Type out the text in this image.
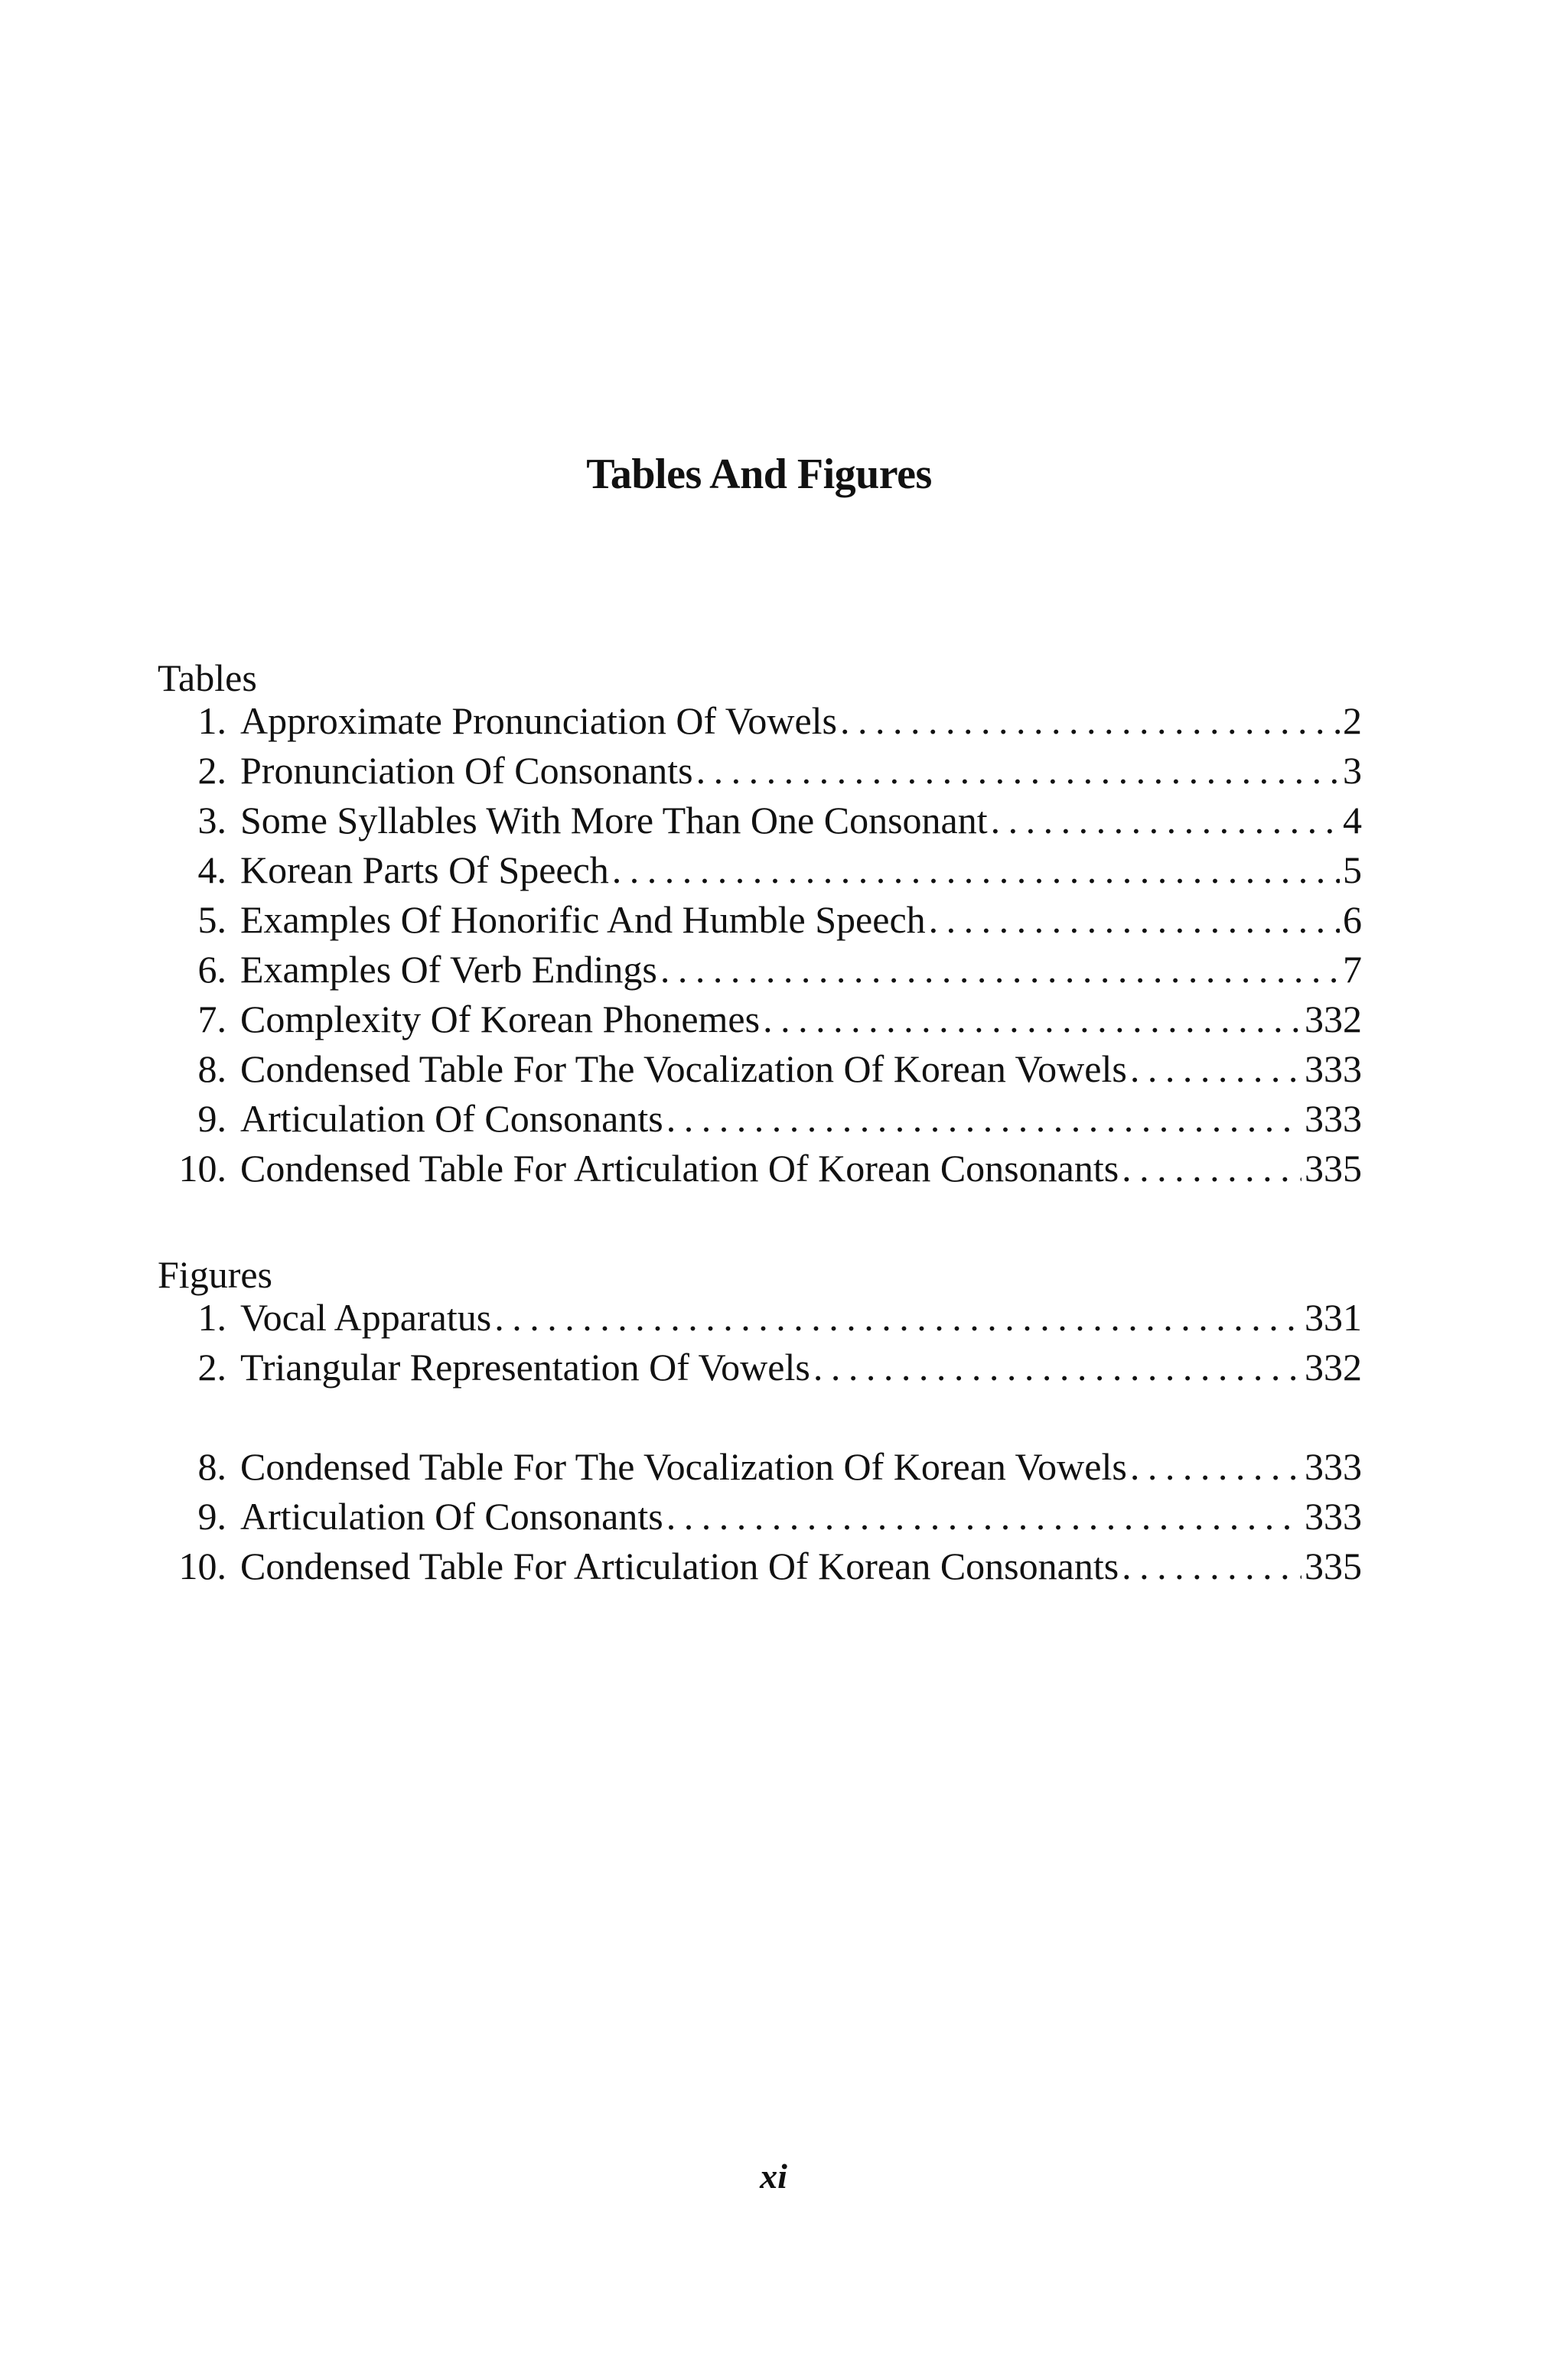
Tables And Figures
Tables
1. Approximate Pronunciation Of Vowels . . .	2
2. Pronunciation Of Consonants . . .	3
3. Some Syllables With More Than One Consonant . . .	4
4. Korean Parts Of Speech . . .	5
5. Examples Of Honorific And Humble Speech . . .	6
6. Examples Of Verb Endings . . .	7
7. Complexity Of Korean Phonemes . . .	332
8. Condensed Table For The Vocalization Of Korean Vowels . . .	333
9. Articulation Of Consonants . . .	333
10. Condensed Table For Articulation Of Korean Consonants . . .	335
Figures
1. Vocal Apparatus . . .	331
2. Triangular Representation Of Vowels . . .	332
8. Condensed Table For The Vocalization Of Korean Vowels . . .	333
9. Articulation Of Consonants . . .	333
10. Condensed Table For Articulation Of Korean Consonants . . .	335
xi
